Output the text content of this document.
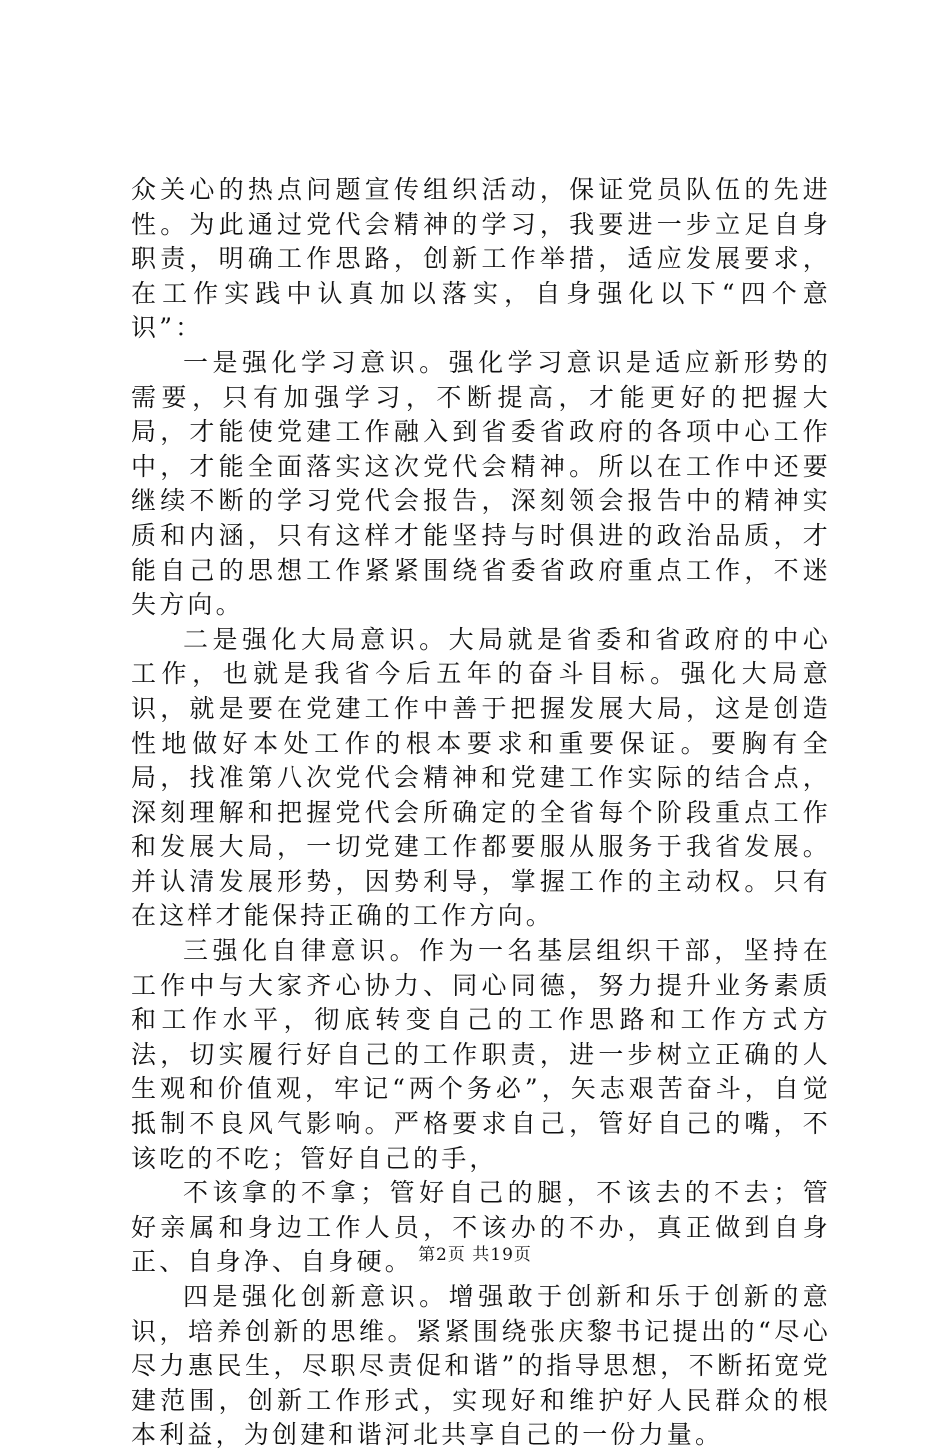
众关心的热点问题宣传组织活动，保证党员队伍的先进性。为此通过党代会精神的学习，我要进一步立足自身职责，明确工作思路，创新工作举措，适应发展要求，在工作实践中认真加以落实，自身强化以下“四个意识”：

一是强化学习意识。强化学习意识是适应新形势的需要，只有加强学习，不断提高，才能更好的把握大局，才能使党建工作融入到省委省政府的各项中心工作中，才能全面落实这次党代会精神。所以在工作中还要继续不断的学习党代会报告，深刻领会报告中的精神实质和内涵，只有这样才能坚持与时俱进的政治品质，才能自己的思想工作紧紧围绕省委省政府重点工作，不迷失方向。

二是强化大局意识。大局就是省委和省政府的中心工作，也就是我省今后五年的奋斗目标。强化大局意识，就是要在党建工作中善于把握发展大局，这是创造性地做好本处工作的根本要求和重要保证。要胸有全局，找准第八次党代会精神和党建工作实际的结合点，深刻理解和把握党代会所确定的全省每个阶段重点工作和发展大局，一切党建工作都要服从服务于我省发展。并认清发展形势，因势利导，掌握工作的主动权。只有在这样才能保持正确的工作方向。

三强化自律意识。作为一名基层组织干部，坚持在工作中与大家齐心协力、同心同德，努力提升业务素质和工作水平，彻底转变自己的工作思路和工作方式方法，切实履行好自己的工作职责，进一步树立正确的人生观和价值观，牢记“两个务必”，矢志艰苦奋斗，自觉抵制不良风气影响。严格要求自己，管好自己的嘴，不该吃的不吃；管好自己的手，

不该拿的不拿；管好自己的腿，不该去的不去；管好亲属和身边工作人员，不该办的不办，真正做到自身正、自身净、自身硬。

四是强化创新意识。增强敢于创新和乐于创新的意识，培养创新的思维。紧紧围绕张庆黎书记提出的“尽心尽力惠民生，尽职尽责促和谐”的指导思想，不断拓宽党建范围，创新工作形式，实现好和维护好人民群众的根本利益，为创建和谐河北共享自己的一份力量。

第2页 共19页
